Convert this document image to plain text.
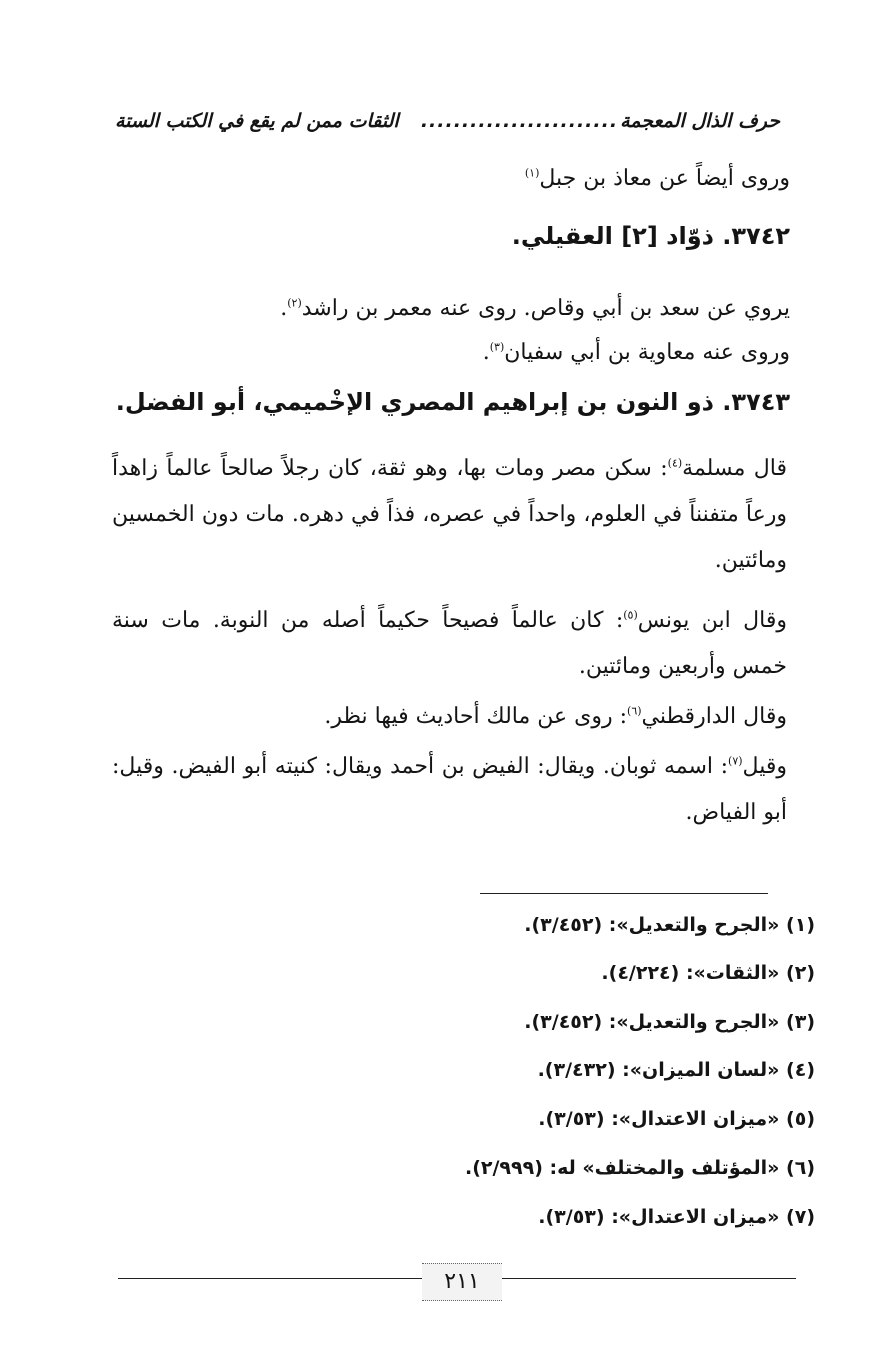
حرف الذال المعجمة
........................
الثقات ممن لم يقع في الكتب الستة
وروى أيضاً عن معاذ بن جبل$^{(١)}$
٣٧٤٢. ذوّاد [٢] العقيلي.
يروي عن سعد بن أبي وقاص. روى عنه معمر بن راشد$^{(٢)}$.
وروى عنه معاوية بن أبي سفيان$^{(٣)}$.
٣٧٤٣. ذو النون بن إبراهيم المصري الإخْميمي، أبو الفضل.
قال مسلمة$^{(٤)}$: سكن مصر ومات بها، وهو ثقة، كان رجلاً صالحاً عالماً زاهداً ورعاً متفنناً في العلوم، واحداً في عصره، فذاً في دهره. مات دون الخمسين ومائتين.
وقال ابن يونس$^{(٥)}$: كان عالماً فصيحاً حكيماً أصله من النوبة. مات سنة خمس وأربعين ومائتين.
وقال الدارقطني$^{(٦)}$: روى عن مالك أحاديث فيها نظر.
وقيل$^{(٧)}$: اسمه ثوبان. ويقال: الفيض بن أحمد ويقال: كنيته أبو الفيض. وقيل: أبو الفياض.
(١) «الجرح والتعديل»: (٣/٤٥٢).
(٢) «الثقات»: (٤/٢٢٤).
(٣) «الجرح والتعديل»: (٣/٤٥٢).
(٤) «لسان الميزان»: (٣/٤٣٢).
(٥) «ميزان الاعتدال»: (٣/٥٣).
(٦) «المؤتلف والمختلف» له: (٢/٩٩٩).
(٧) «ميزان الاعتدال»: (٣/٥٣).
٢١١
